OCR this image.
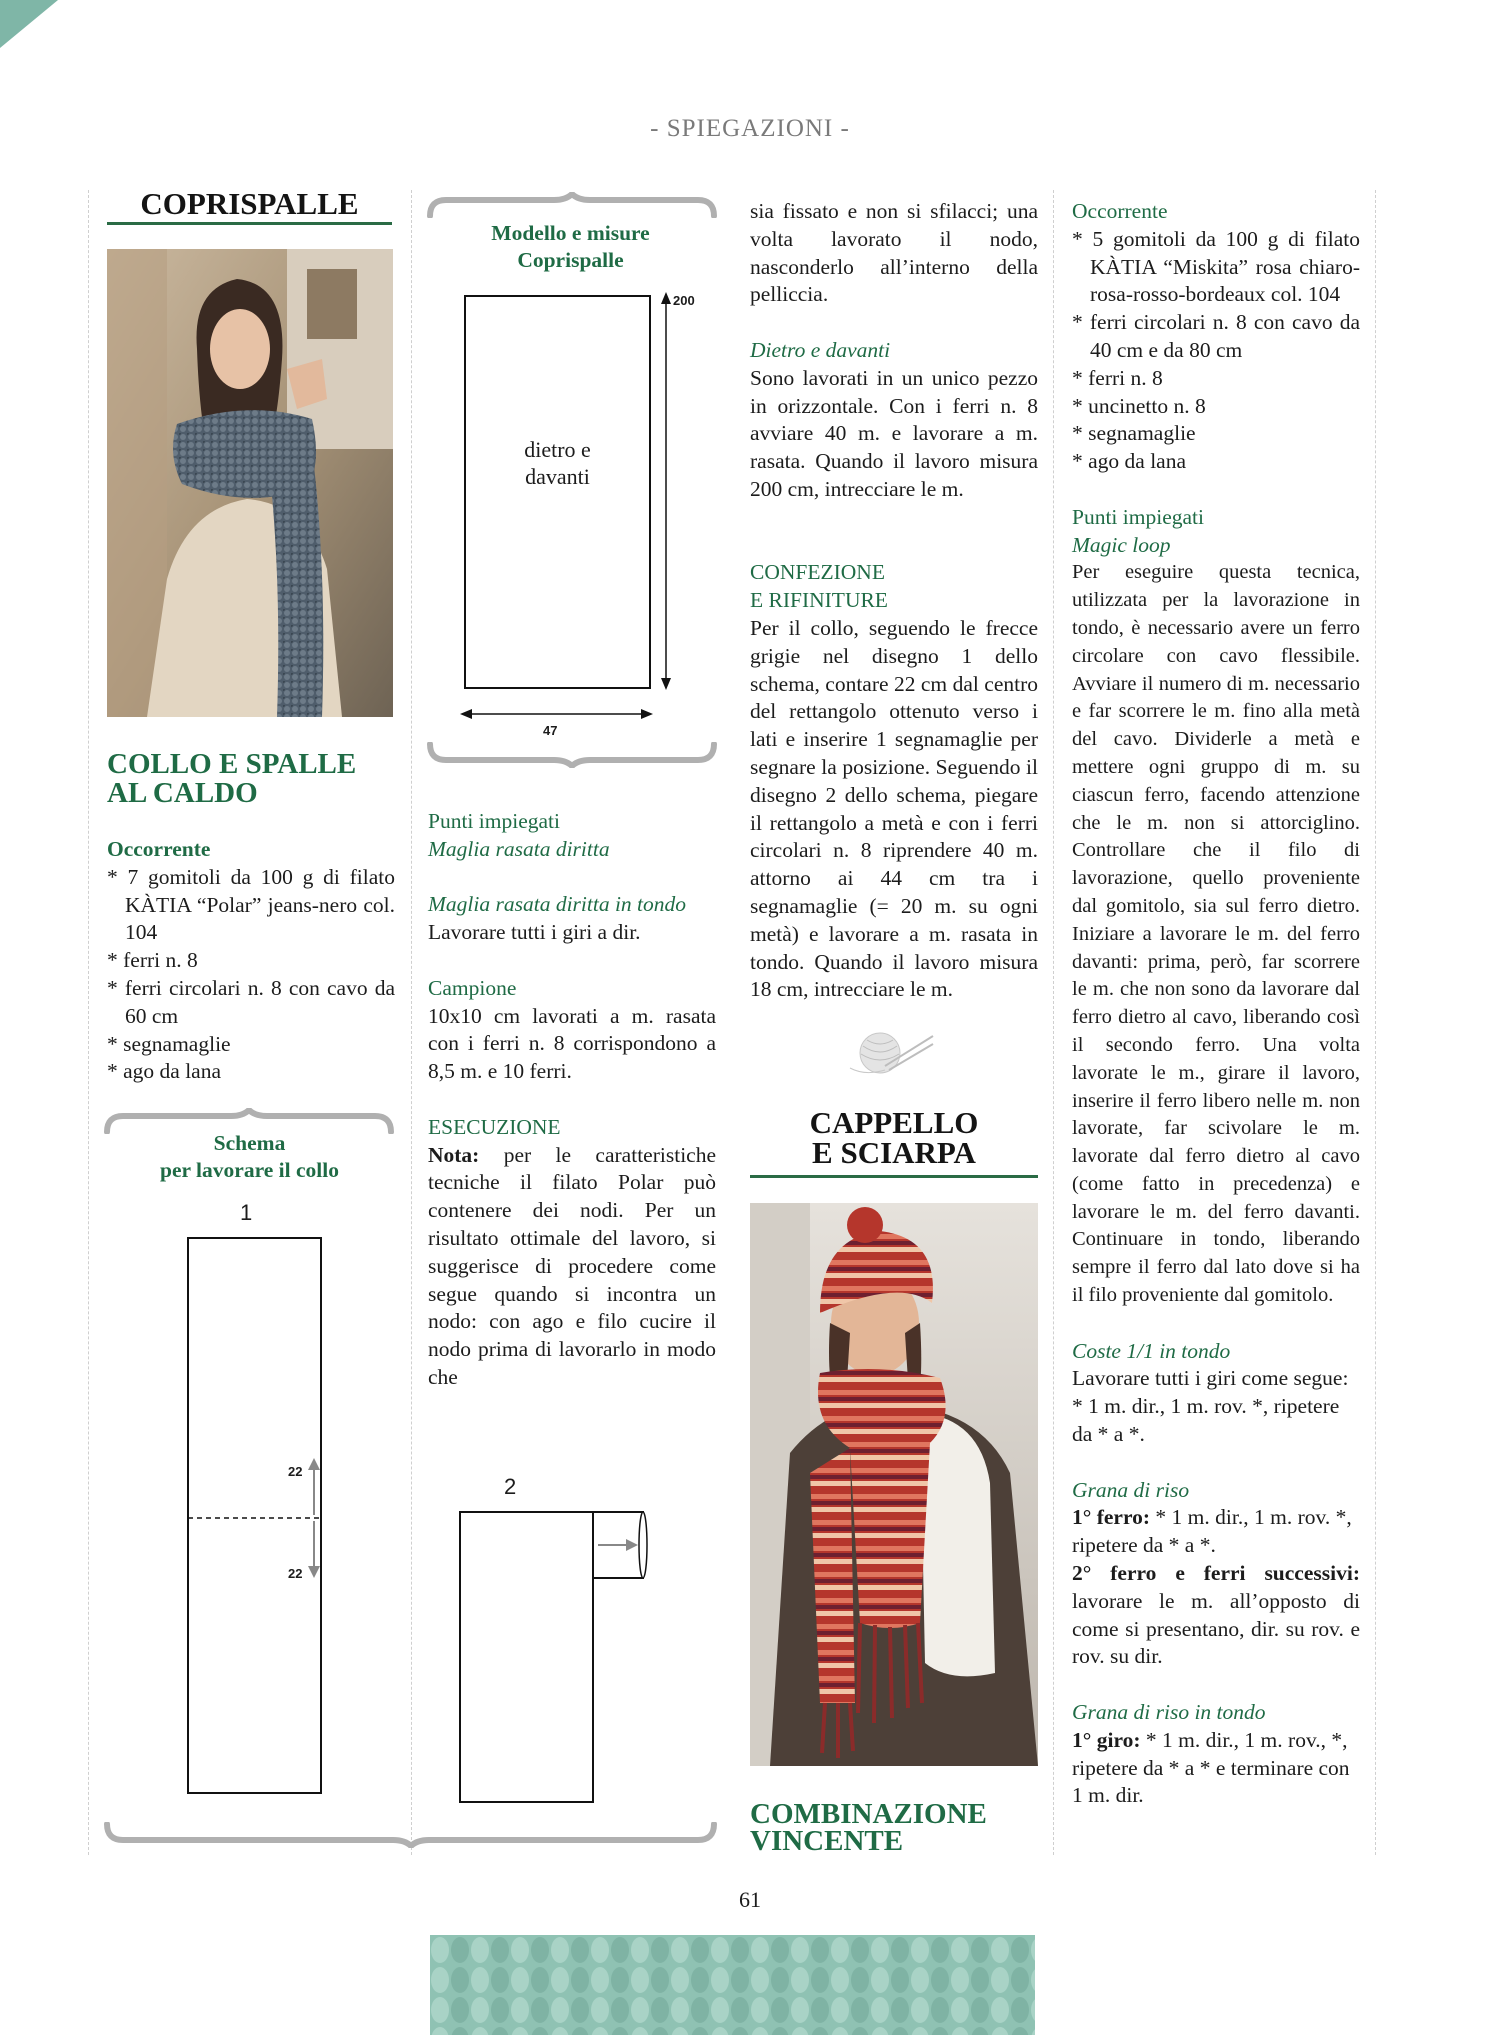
- SPIEGAZIONI -
COPRISPALLE
COLLO E SPALLE
AL CALDO
Occorrente
* 7 gomitoli da 100 g di filato KÀTIA “Polar” jeans-nero col. 104
* ferri n. 8
* ferri circolari n. 8 con cavo da 60 cm
* segnamaglie
* ago da lana
Schema
per lavorare il collo
1
22
22
Modello e misure
Coprispalle
dietro e
davanti
200
47
Punti impiegati
Maglia rasata diritta
Maglia rasata diritta in tondo
Lavorare tutti i giri a dir.
Campione
10x10 cm lavorati a m. rasata con i ferri n. 8 corrispondono a 8,5 m. e 10 ferri.
ESECUZIONE

Nota: per le caratteristiche tecniche il filato Polar può contenere dei nodi. Per un risultato ottimale del lavoro, si suggerisce di procedere come segue quando si incontra un nodo: con ago e filo cucire il nodo prima di lavorarlo in modo che

2
sia fissato e non si sfilacci; una volta lavorato il nodo, nasconderlo all’interno della pelliccia.
Dietro e davanti
Sono lavorati in un unico pezzo in orizzontale. Con i ferri n. 8 avviare 40 m. e lavorare a m. rasata. Quando il lavoro misura 200 cm, intrecciare le m.
CONFEZIONE
E RIFINITURE
Per il collo, seguendo le frecce grigie nel disegno 1 dello schema, contare 22 cm dal centro del rettangolo ottenuto verso i lati e inserire 1 segnamaglie per segnare la posizione. Seguendo il disegno 2 dello schema, piegare il rettangolo a metà e con i ferri circolari n. 8 riprendere 40 m. attorno ai 44 cm tra i segnamaglie (= 20 m. su ogni metà) e lavorare a m. rasata in tondo. Quando il lavoro misura 18 cm, intrecciare le m.
CAPPELLO
E SCIARPA
COMBINAZIONE
VINCENTE
Occorrente
* 5 gomitoli da 100 g di filato KÀTIA “Miskita” rosa chiaro-rosa-rosso-bordeaux col. 104
* ferri circolari n. 8 con cavo da 40 cm e da 80 cm
* ferri n. 8
* uncinetto n. 8
* segnamaglie
* ago da lana
Punti impiegati
Magic loop
Per eseguire questa tecnica, utilizzata per la lavorazione in tondo, è necessario avere un ferro circolare con cavo flessibile. Avviare il numero di m. necessario e far scorrere le m. fino alla metà del cavo. Dividerle a metà e mettere ogni gruppo di m. su ciascun ferro, facendo attenzione che le m. non si attorciglino. Controllare che il filo di lavorazione, quello proveniente dal gomitolo, sia sul ferro dietro. Iniziare a lavorare le m. del ferro davanti: prima, però, far scorrere le m. che non sono da lavorare dal ferro dietro al cavo, liberando così il secondo ferro. Una volta lavorate le m., girare il lavoro, inserire il ferro libero nelle m. non lavorate, far scivolare le m. lavorate dal ferro dietro al cavo (come fatto in precedenza) e lavorare le m. del ferro davanti. Continuare in tondo, liberando sempre il ferro dal lato dove si ha il filo proveniente dal gomitolo.
Coste 1/1 in tondo
Lavorare tutti i giri come segue: * 1 m. dir., 1 m. rov. *, ripetere da * a *.
Grana di riso

1° ferro: * 1 m. dir., 1 m. rov. *, ripetere da * a *.

2° ferro e ferri successivi: lavorare le m. all’opposto di come si presentano, dir. su rov. e rov. su dir.

Grana di riso in tondo

1° giro: * 1 m. dir., 1 m. rov., *, ripetere da * a * e terminare con 1 m. dir.

61
